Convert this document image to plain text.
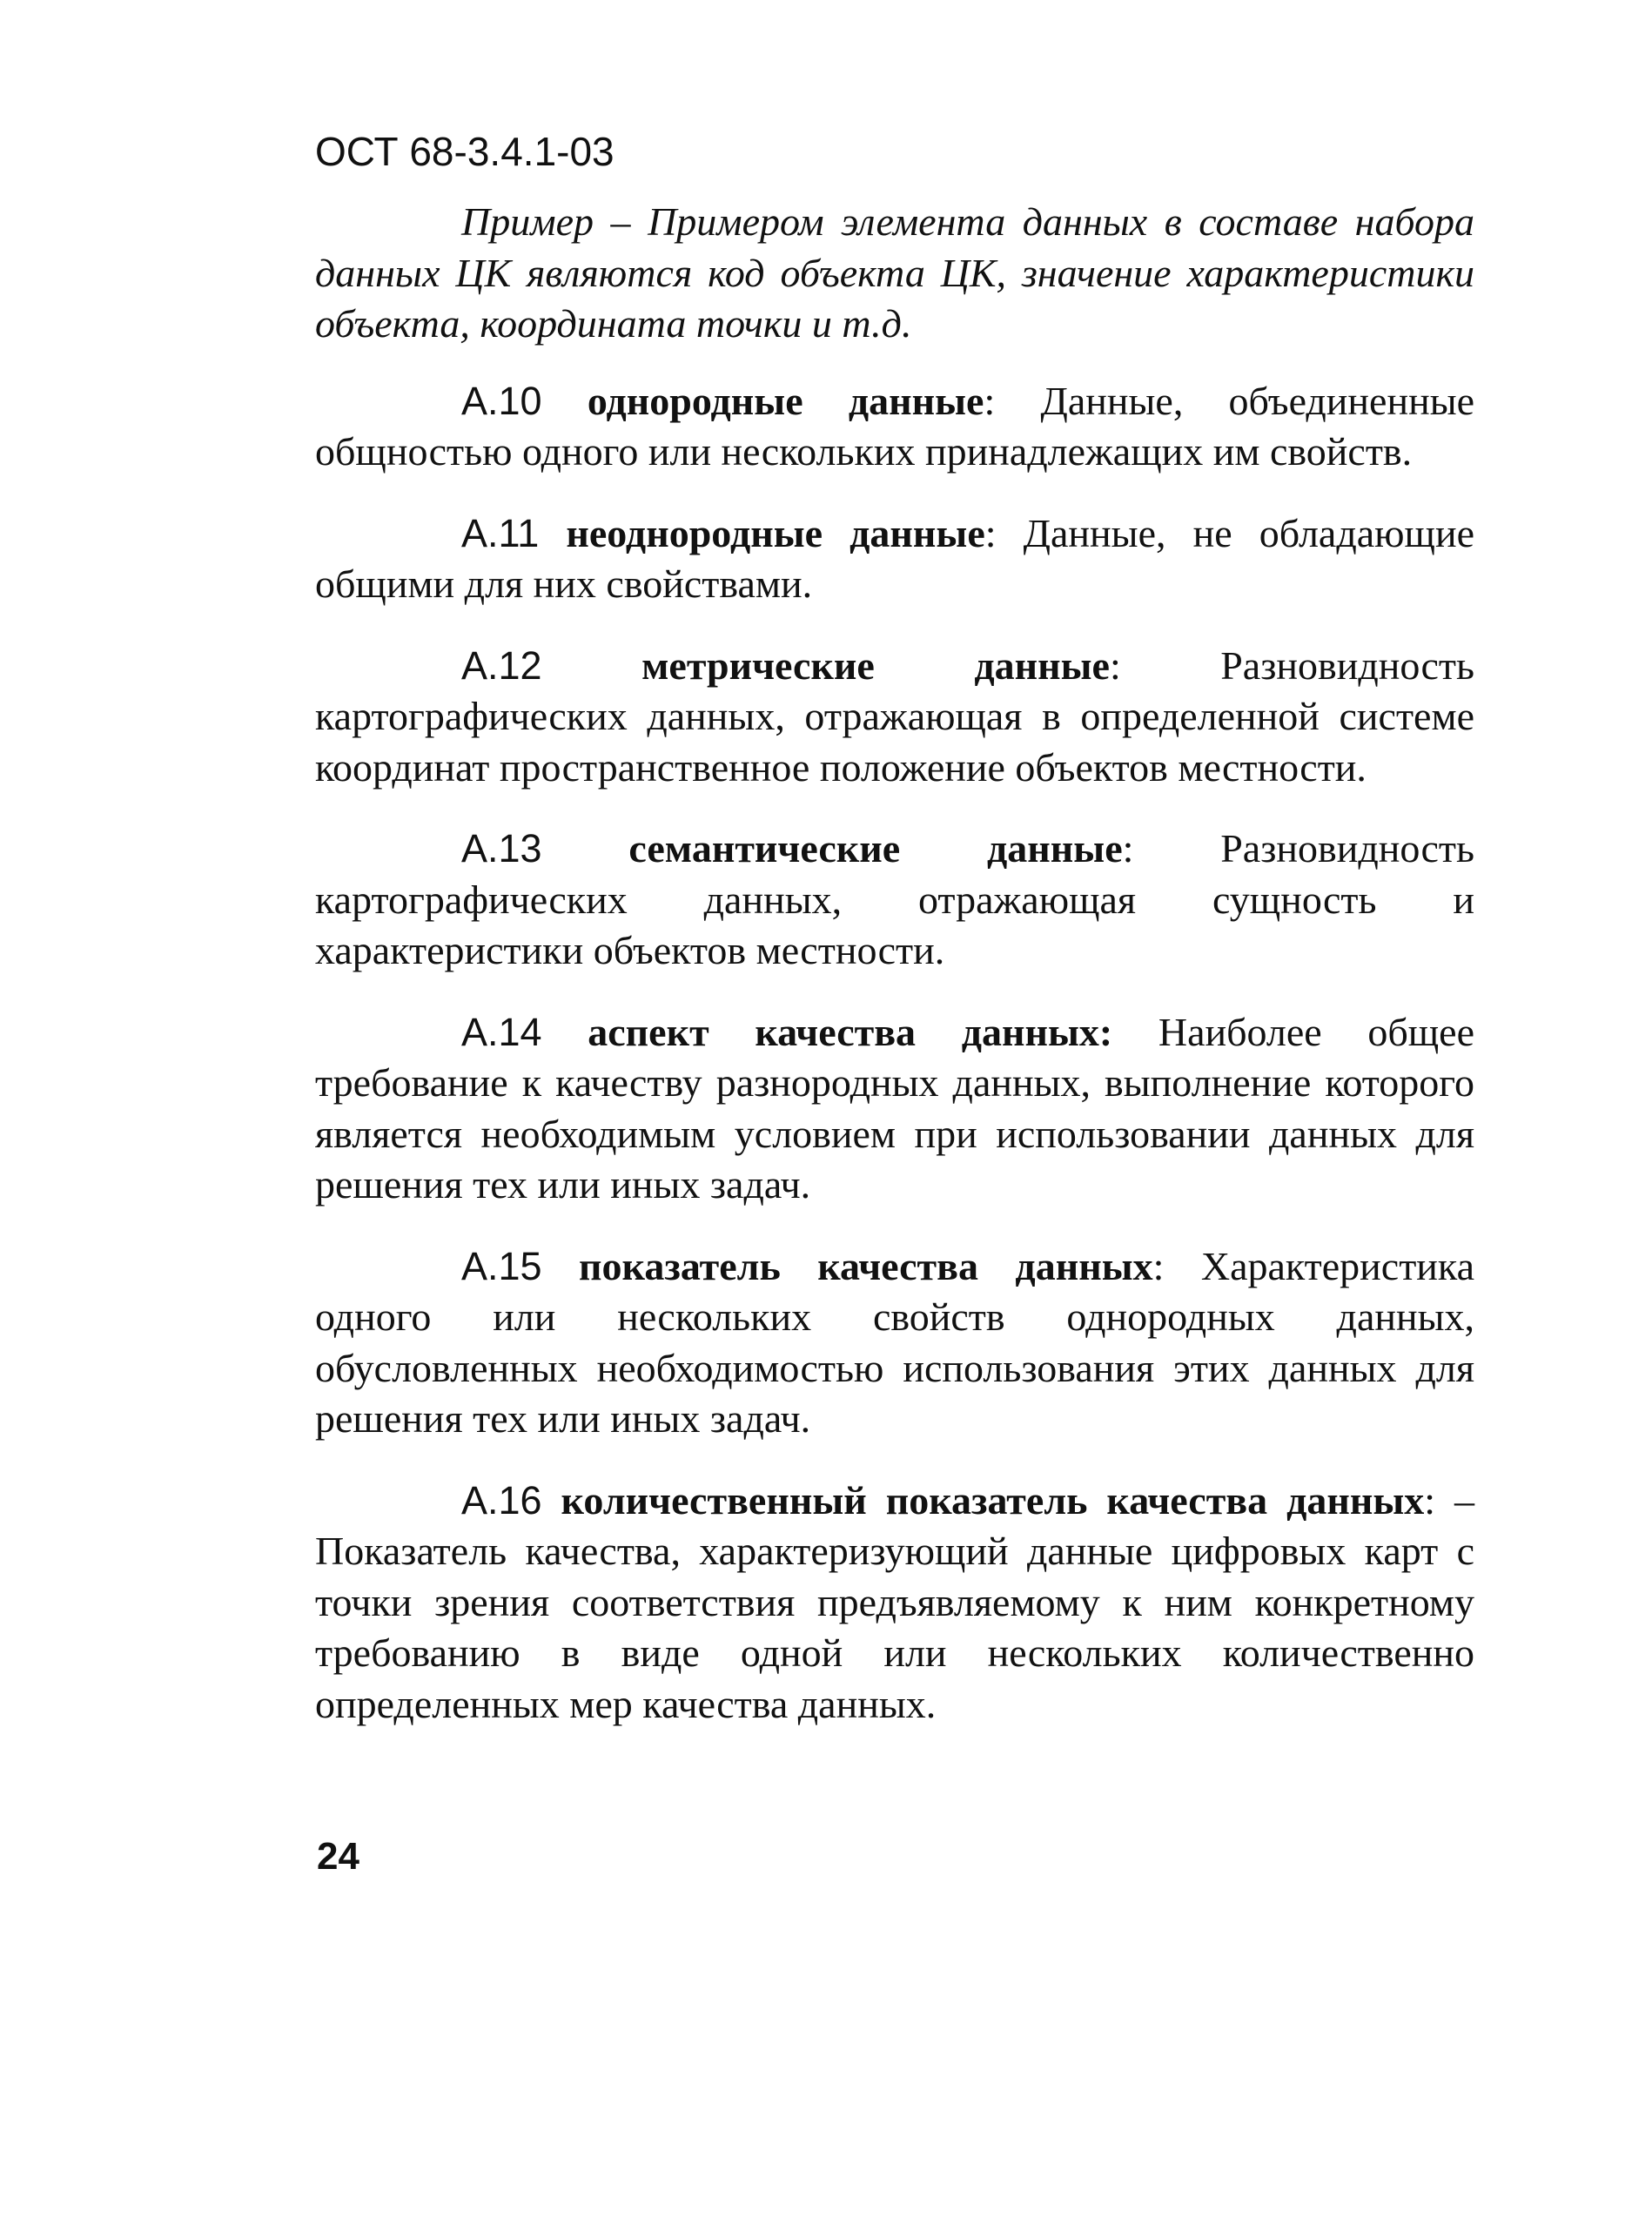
ОСТ 68-3.4.1-03

Пример – Примером элемента данных в составе набора данных ЦК являются код объекта ЦК, значение характеристики объекта, координата точки и т.д.

А.10 однородные данные: Данные, объединенные общностью одного или нескольких принадлежащих им свойств.

А.11 неоднородные данные: Данные, не обладающие общими для них свойствами.

А.12 метрические данные: Разновидность картографических данных, отражающая в определенной системе координат пространственное положение объектов местности.

А.13 семантические данные: Разновидность картографических данных, отражающая сущность и характеристики объектов местности.

А.14 аспект качества данных: Наиболее общее требование к качеству разнородных данных, выполнение которого является необходимым условием при использовании данных для решения тех или иных задач.

А.15 показатель качества данных: Характеристика одного или нескольких свойств однородных данных, обусловленных необходимостью использования этих данных для решения тех или иных задач.

А.16 количественный показатель качества данных: – Показатель качества, характеризующий данные цифровых карт с точки зрения соответствия предъявляемому к ним конкретному требованию в виде одной или нескольких количественно определенных мер качества данных.

24
